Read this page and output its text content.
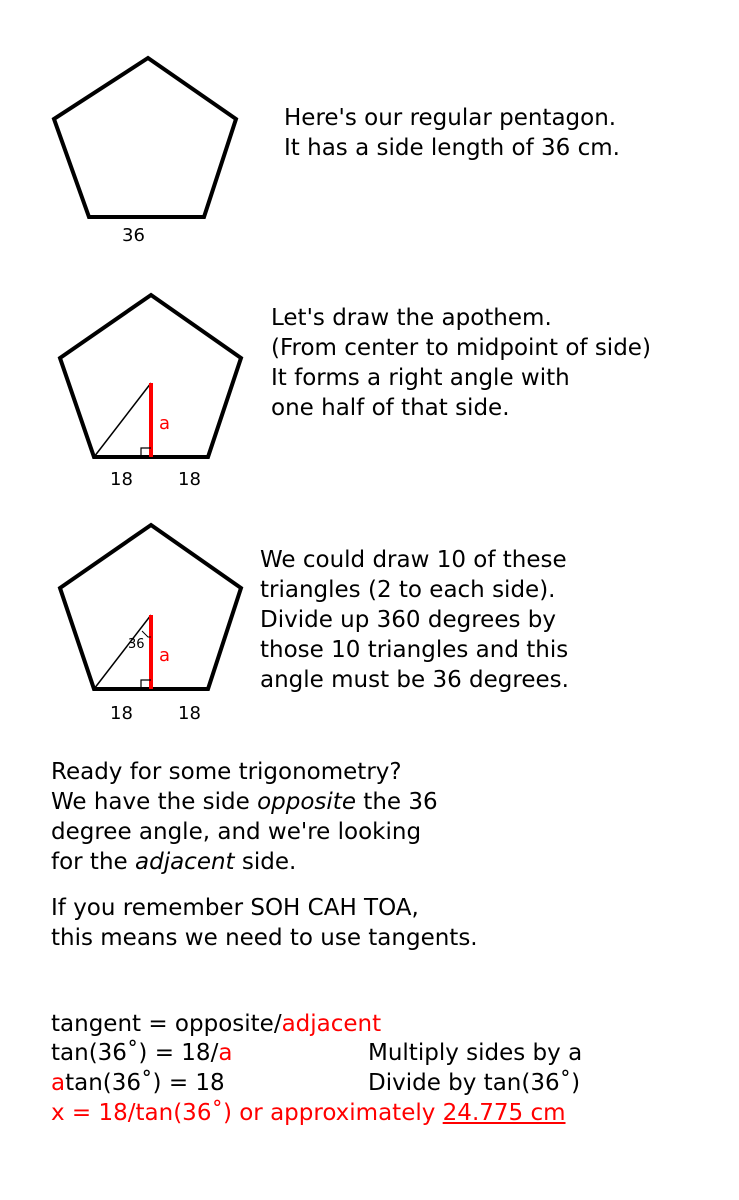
36
Here's our regular pentagon.
It has a side length of 36 cm.
a
18	18
Let's draw the apothem.
(From center to midpoint of side)
It forms a right angle with
one half of that side.
36
a
18	18
We could draw 10 of these
triangles (2 to each side).
Divide up 360 degrees by
those 10 triangles and this
angle must be 36 degrees.
Ready for some trigonometry?
We have the side opposite the 36
degree angle, and we're looking
for the adjacent side.
If you remember SOH CAH TOA,
this means we need to use tangents.
tangent = opposite/adjacent
tan(36˚) = 18/a	Multiply sides by a
atan(36˚) = 18	Divide by tan(36˚)
x = 18/tan(36˚) or approximately 24.775 cm
